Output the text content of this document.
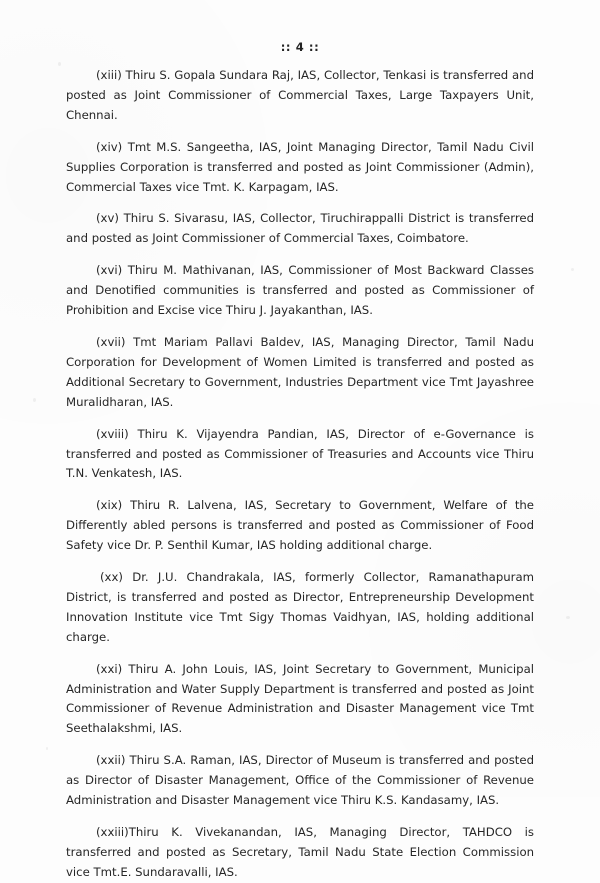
:: 4 ::

(xiii) Thiru S. Gopala Sundara Raj, IAS, Collector, Tenkasi is transferred and posted as Joint Commissioner of Commercial Taxes, Large Taxpayers Unit, Chennai.

(xiv) Tmt M.S. Sangeetha, IAS, Joint Managing Director, Tamil Nadu Civil Supplies Corporation is transferred and posted as Joint Commissioner (Admin), Commercial Taxes vice Tmt. K. Karpagam, IAS.

(xv) Thiru S. Sivarasu, IAS, Collector, Tiruchirappalli District is transferred and posted as Joint Commissioner of Commercial Taxes, Coimbatore.

(xvi) Thiru M. Mathivanan, IAS, Commissioner of Most Backward Classes and Denotified communities is transferred and posted as Commissioner of Prohibition and Excise vice Thiru J. Jayakanthan, IAS.

(xvii) Tmt Mariam Pallavi Baldev, IAS, Managing Director, Tamil Nadu Corporation for Development of Women Limited is transferred and posted as Additional Secretary to Government, Industries Department vice Tmt Jayashree Muralidharan, IAS.

(xviii) Thiru K. Vijayendra Pandian, IAS, Director of e-Governance is transferred and posted as Commissioner of Treasuries and Accounts vice Thiru T.N. Venkatesh, IAS.

(xix) Thiru R. Lalvena, IAS, Secretary to Government, Welfare of the Differently abled persons is transferred and posted as Commissioner of Food Safety vice Dr. P. Senthil Kumar, IAS holding additional charge.

(xx) Dr. J.U. Chandrakala, IAS, formerly Collector, Ramanathapuram District, is transferred and posted as Director, Entrepreneurship Development Innovation Institute vice Tmt Sigy Thomas Vaidhyan, IAS, holding additional charge.

(xxi) Thiru A. John Louis, IAS, Joint Secretary to Government, Municipal Administration and Water Supply Department is transferred and posted as Joint Commissioner of Revenue Administration and Disaster Management vice Tmt Seethalakshmi, IAS.

(xxii) Thiru S.A. Raman, IAS, Director of Museum is transferred and posted as Director of Disaster Management, Office of the Commissioner of Revenue Administration and Disaster Management vice Thiru K.S. Kandasamy, IAS.

(xxiii)Thiru K. Vivekanandan, IAS, Managing Director, TAHDCO is transferred and posted as Secretary, Tamil Nadu State Election Commission vice Tmt.E. Sundaravalli, IAS.
